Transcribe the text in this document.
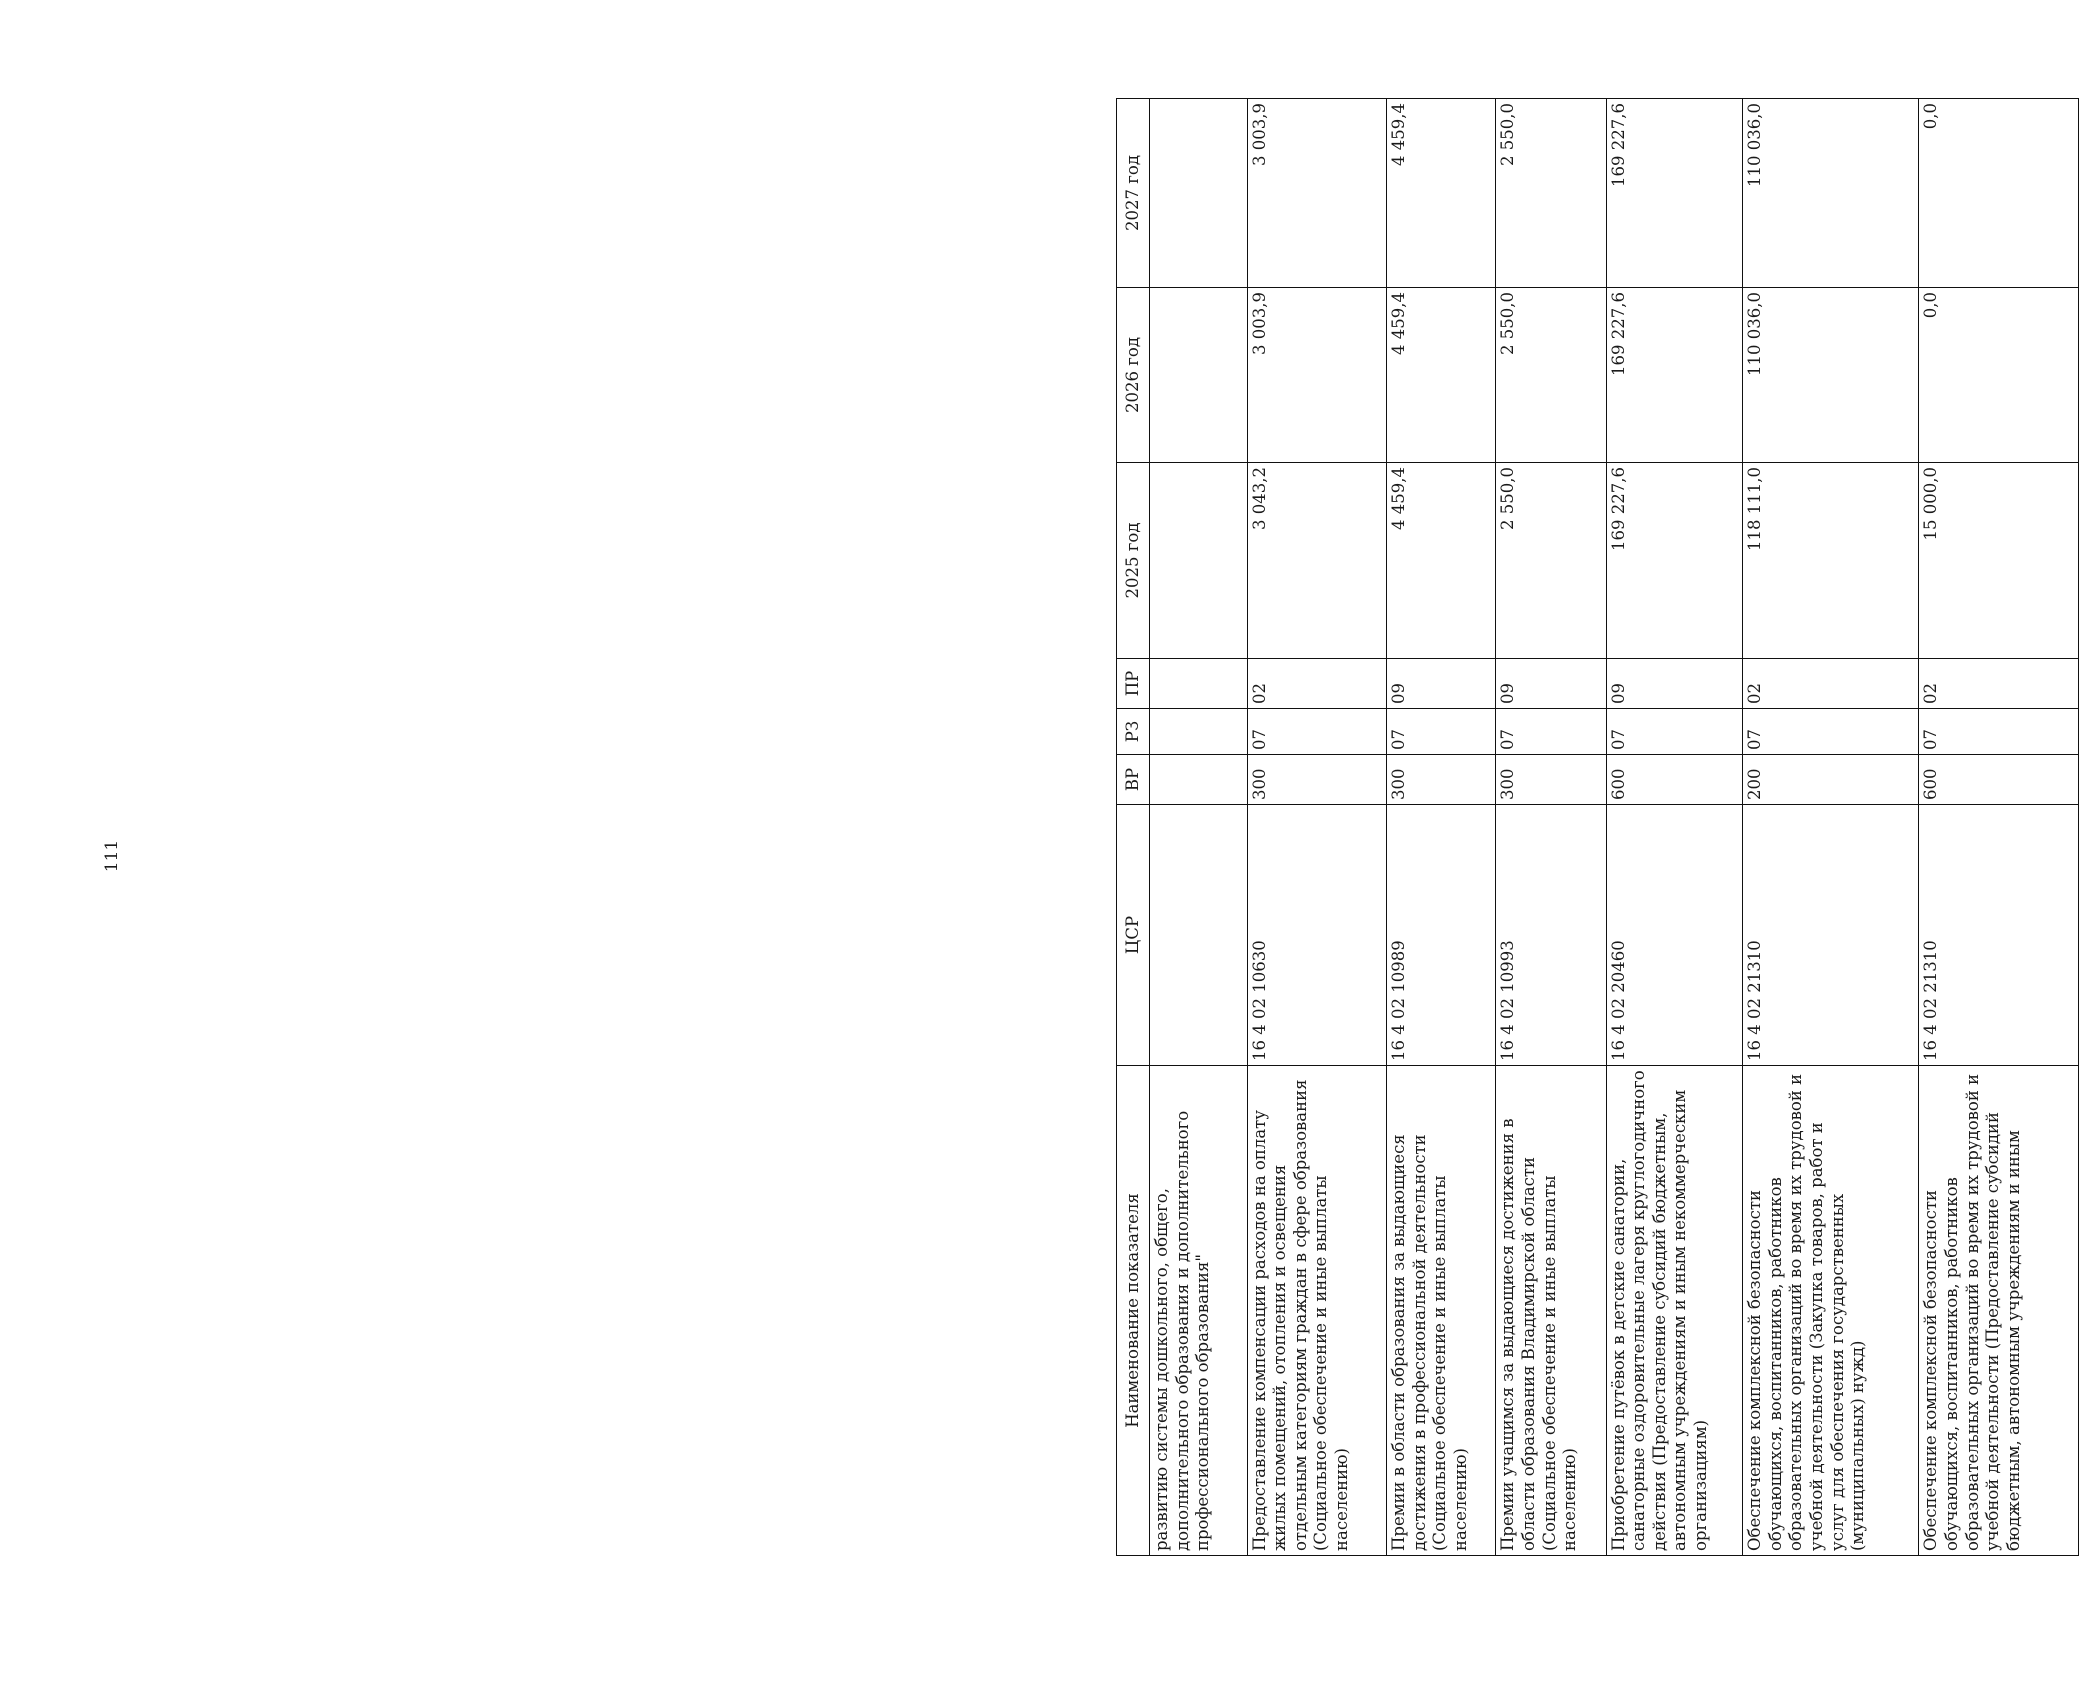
111
Наименование показателя	ЦСР	ВР	РЗ	ПР	2025 год	2026 год	2027 год
развитию системы дошкольного, общего, дополнительного образования и дополнительного профессионального образования"							
Предоставление компенсации расходов на оплату жилых помещений, отопления и освещения отдельным категориям граждан в сфере образования (Социальное обеспечение и иные выплаты населению)	16 4 02 10630	300	07	02	3 043,2	3 003,9	3 003,9
Премии в области образования за выдающиеся достижения в профессиональной деятельности (Социальное обеспечение и иные выплаты населению)	16 4 02 10989	300	07	09	4 459,4	4 459,4	4 459,4
Премии учащимся за выдающиеся достижения в области образования Владимирской области (Социальное обеспечение и иные выплаты населению)	16 4 02 10993	300	07	09	2 550,0	2 550,0	2 550,0
Приобретение путёвок в детские санатории, санаторные оздоровительные лагеря круглогодичного действия (Предоставление субсидий бюджетным, автономным учреждениям и иным некоммерческим организациям)	16 4 02 20460	600	07	09	169 227,6	169 227,6	169 227,6
Обеспечение комплексной безопасности обучающихся, воспитанников, работников образовательных организаций во время их трудовой и учебной деятельности (Закупка товаров, работ и услуг для обеспечения государственных (муниципальных) нужд)	16 4 02 21310	200	07	02	118 111,0	110 036,0	110 036,0
Обеспечение комплексной безопасности обучающихся, воспитанников, работников образовательных организаций во время их трудовой и учебной деятельности (Предоставление субсидий бюджетным, автономным учреждениям и иным	16 4 02 21310	600	07	02	15 000,0	0,0	0,0
